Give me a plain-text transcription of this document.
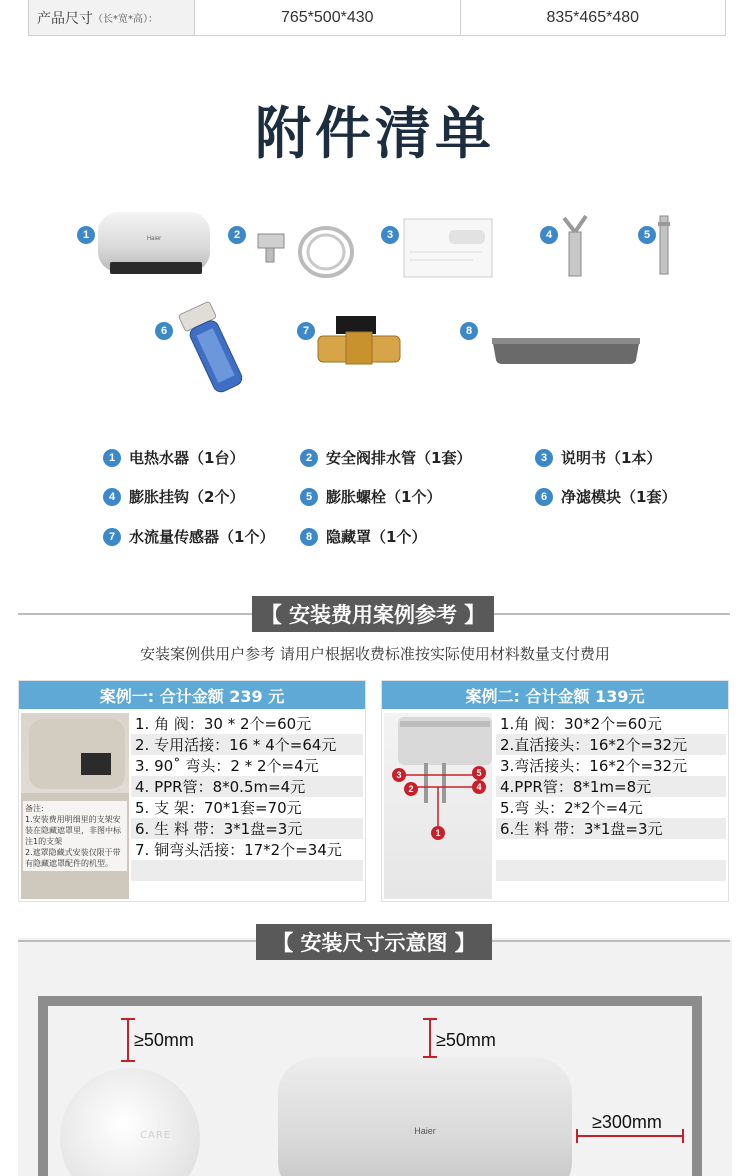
产品尺寸 （长*宽*高）：	765*500*430	835*465*480
附件清单
1	Haier	2	3	4	5
6	7	8
1 电热水器（1台）	2 安全阀排水管（1套）	3 说明书（1本）
4 膨胀挂钩（2个）	5 膨胀螺栓（1个）	6 净滤模块（1套）
7 水流量传感器（1个）	8 隐藏罩（1个）
【 安装费用案例参考 】
安装案例供用户参考 请用户根据收费标准按实际使用材料数量支付费用
案例一: 合计金额 239 元
备注:
1.安装费用明细里的支架安装在隐藏遮罩里，非图中标注1的支架
2.遮罩隐藏式安装仅限于带有隐藏遮罩配件的机型。
1. 角 阀：30 * 2个=60元
2. 专用活接：16 * 4个=64元
3. 90˚ 弯头：2 * 2个=4元
4. PPR管：8*0.5m=4元
5. 支 架：70*1套=70元
6. 生 料 带：3*1盘=3元
7. 铜弯头活接：17*2个=34元
案例二: 合计金额 139元
3
2
5
4
1
1.角 阀：30*2个=60元
2.直活接头：16*2个=32元
3.弯活接头：16*2个=32元
4.PPR管：8*1m=8元
5.弯 头：2*2个=4元
6.生 料 带：3*1盘=3元
【 安装尺寸示意图 】
CARE	Haier
≥50mm	≥50mm
≥300mm
